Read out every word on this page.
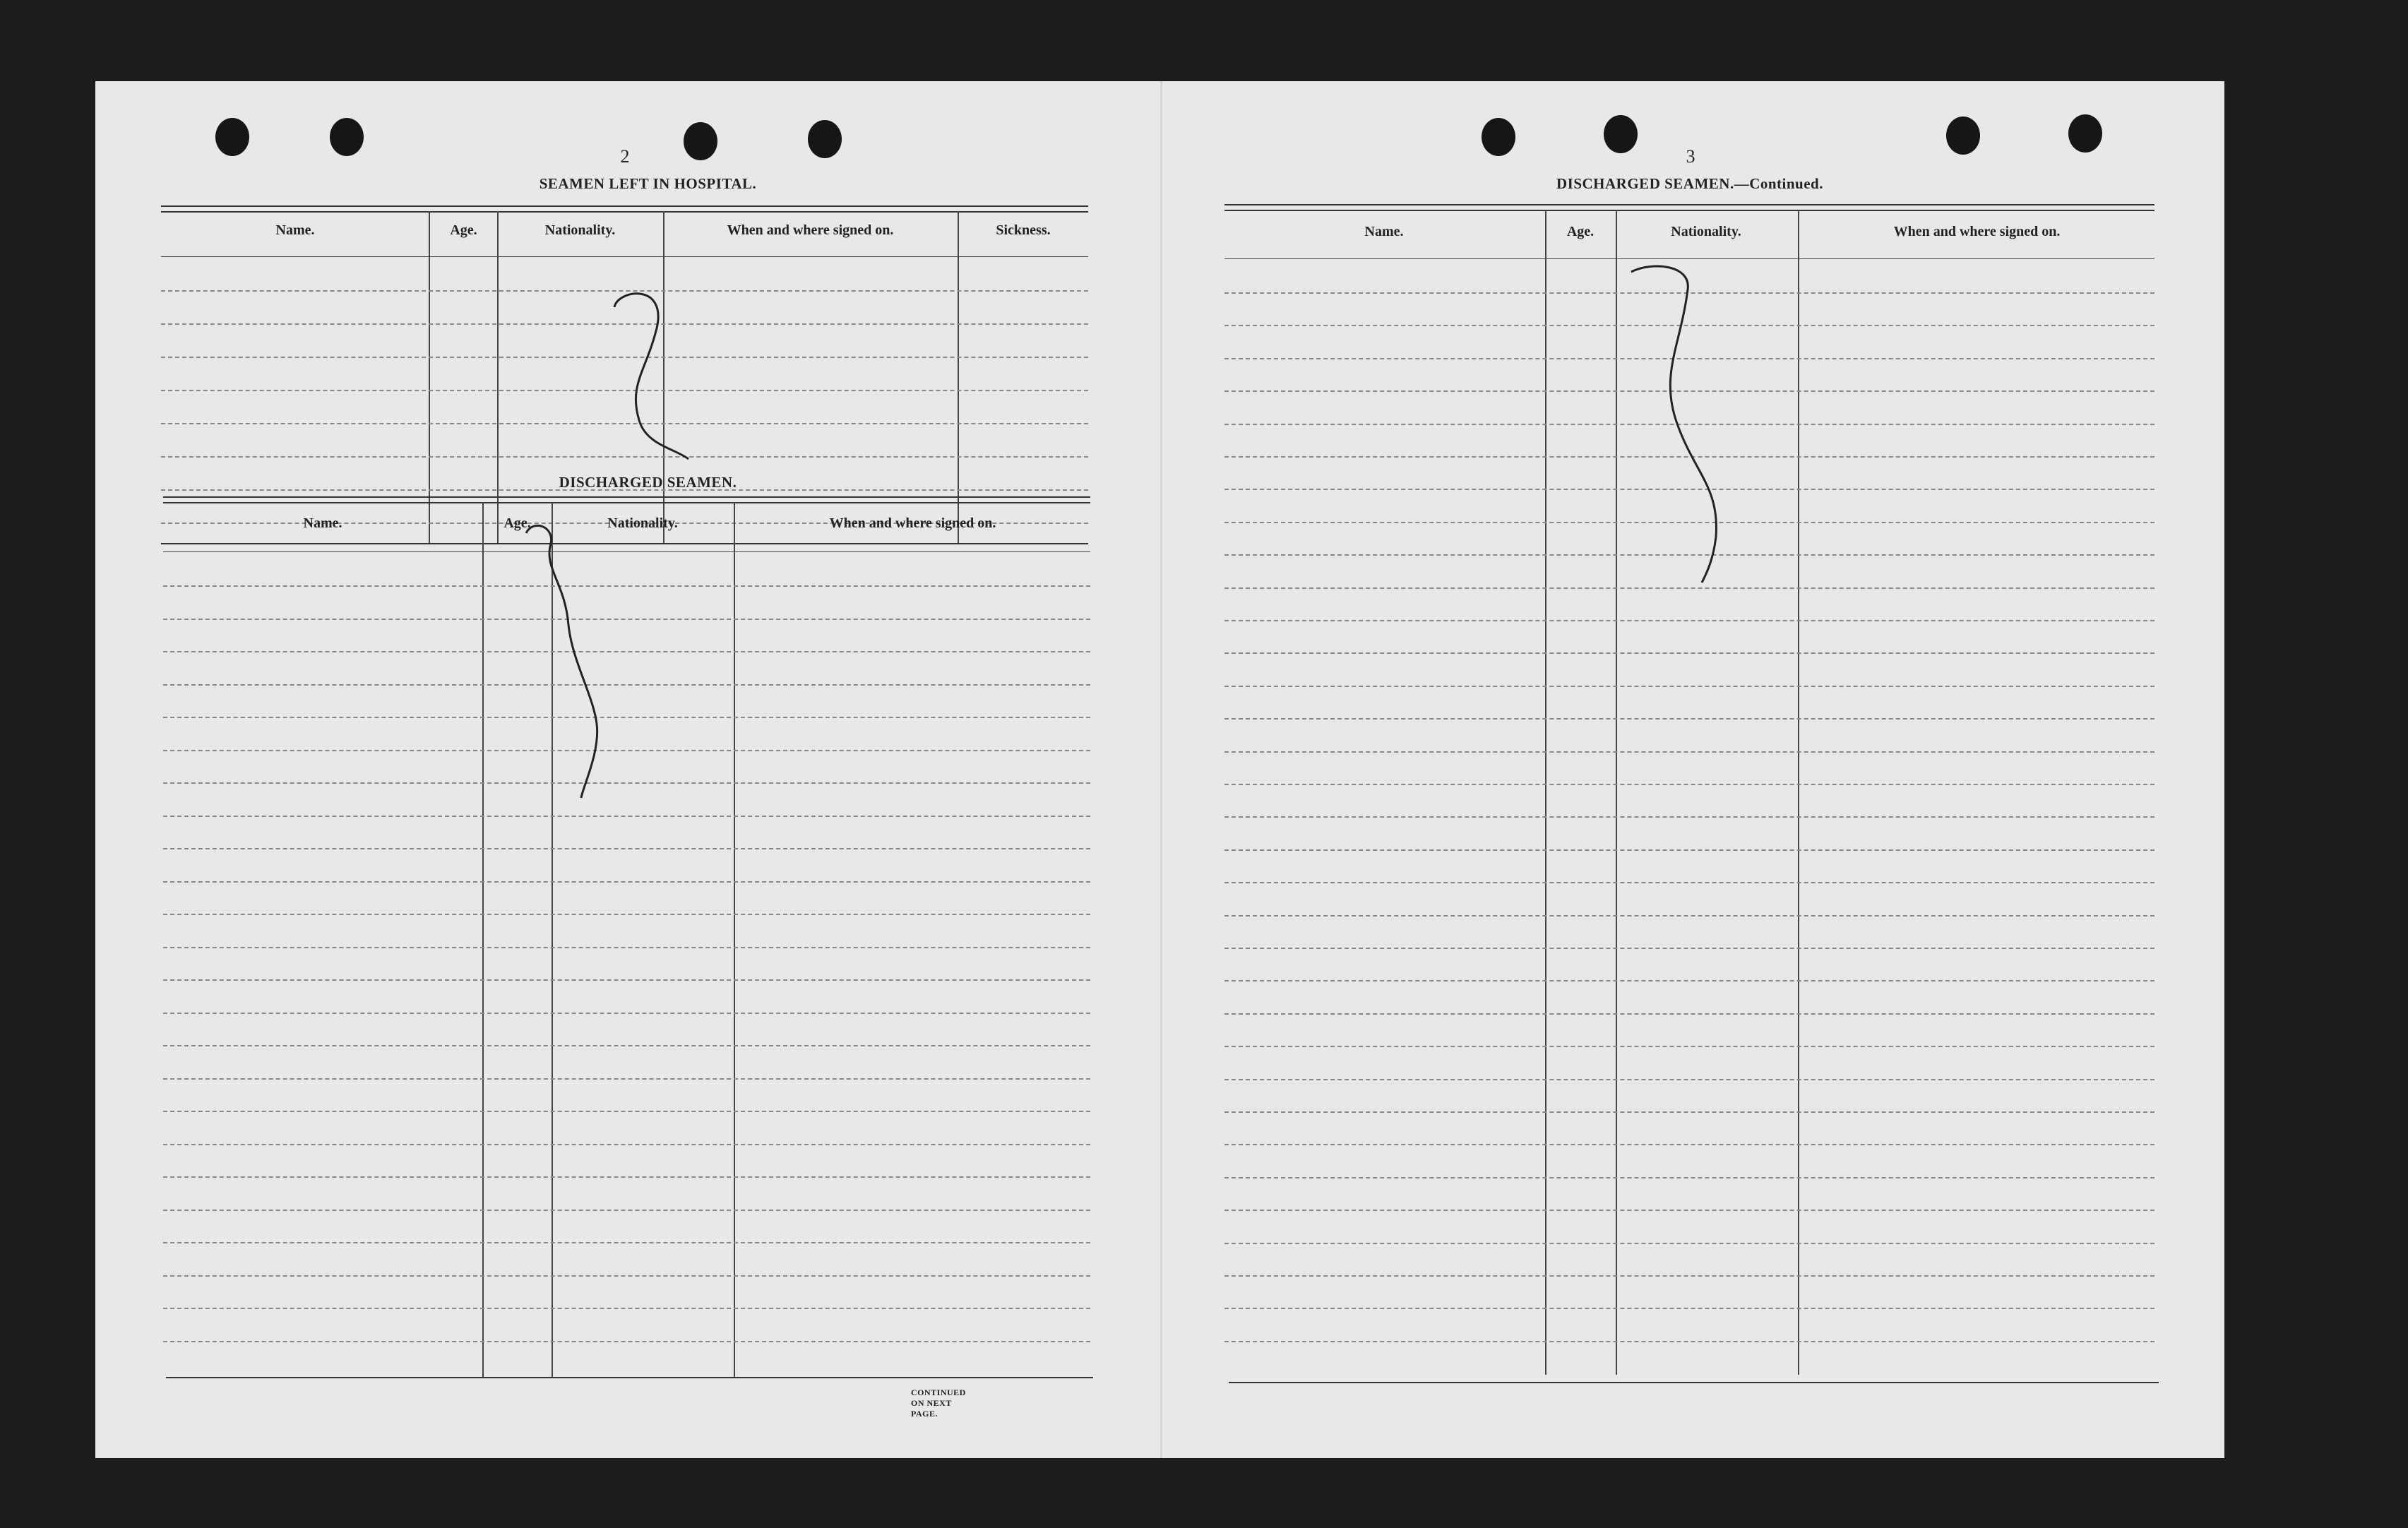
2
SEAMEN LEFT IN HOSPITAL.
Name.	Age.	Nationality.	When and where signed on.	Sickness.
DISCHARGED SEAMEN.
3
DISCHARGED SEAMEN.—Continued.
Name.	Age.	Nationality.	When and where signed on.
CONTINUED ON NEXT PAGE.
Name.	Age.	Nationality.	When and where signed on.
